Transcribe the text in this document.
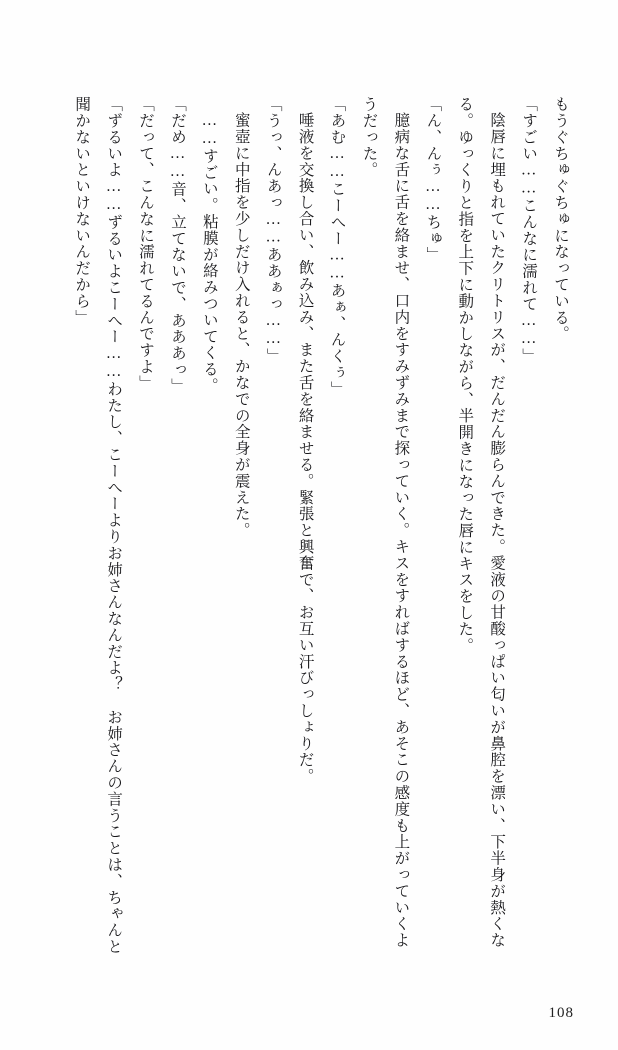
もうぐちゅぐちゅになっている。

「すごい……こんなに濡れて……」

陰唇に埋もれていたクリトリスが、だんだん膨らんできた。愛液の甘酸っぱい匂いが鼻腔を漂い、下半身が熱くなる。ゆっくりと指を上下に動かしながら、半開きになった唇にキスをした。

「ん、んぅ……ちゅ」

臆病な舌に舌を絡ませ、口内をすみずみまで探っていく。キスをすればするほど、あそこの感度も上がっていくようだった。

「あむ……こーへー……あぁ、んくぅ」

唾液を交換し合い、飲み込み、また舌を絡ませる。緊張と興奮で、お互い汗びっしょりだ。

「うっ、んあっ……ああぁっ……」

蜜壺に中指を少しだけ入れると、かなでの全身が震えた。

……すごい。粘膜が絡みついてくる。

「だめ……音、立てないで、あああっ」

「だって、こんなに濡れてるんですよ」

「ずるいよ……ずるいよこーへー……わたし、こーへーよりお姉さんなんだよ？　お姉さんの言うことは、ちゃんと聞かないといけないんだから」

108
